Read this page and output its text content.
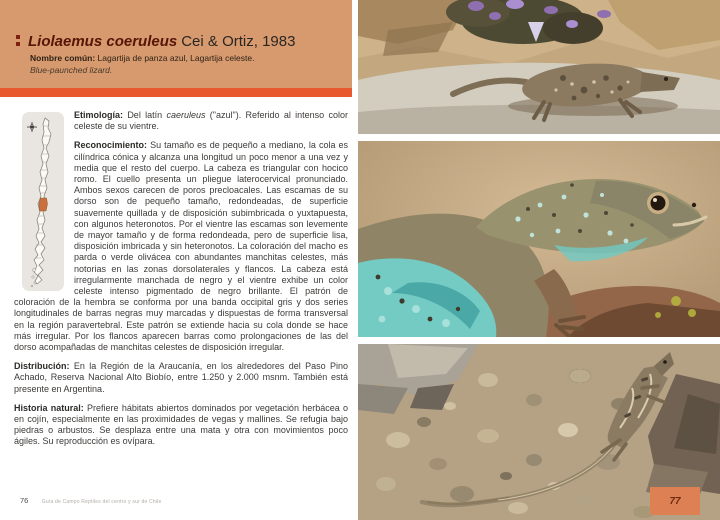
Liolaemus coeruleus Cei & Ortiz, 1983
Nombre común: Lagartija de panza azul, Lagartija celeste.
Blue-paunched lizard.

Etimología: Del latín caeruleus ("azul"). Referido al intenso color celeste de su vientre.

Reconocimiento: Su tamaño es de pequeño a mediano, la cola es cilíndrica cónica y alcanza una longitud un poco menor a una vez y media que el resto del cuerpo. La cabeza es triangular con hocico romo. El cuello presenta un pliegue laterocervical pronunciado. Ambos sexos carecen de poros precloacales. Las escamas de su dorso son de pequeño tamaño, redondeadas, de superficie suavemente quillada y de disposición subimbricada o yuxtapuesta, con algunos heteronotos. Por el vientre las escamas son levemente de mayor tamaño y de forma redondeada, pero de superficie lisa, disposición imbricada y sin heteronotos. La coloración del macho es parda o verde olivácea con abundantes manchitas celestes, más notorias en las zonas dorsolaterales y flancos. La cabeza está irregularmente manchada de negro y el vientre exhibe un color celeste intenso pigmentado de negro brillante. El patrón de coloración de la hembra se conforma por una banda occipital gris y dos series longitudinales de barras negras muy marcadas y dispuestas de forma transversal en la región paravertebral. Este patrón se extiende hacia su cola donde se hace más irregular. Por los flancos aparecen barras como prolongaciones de las del dorso acompañadas de manchitas celestes de disposición irregular.

Distribución: En la Región de la Araucanía, en los alrededores del Paso Pino Achado, Reserva Nacional Alto Biobío, entre 1.250 y 2.000 msnm. También está presente en Argentina.

Historia natural: Prefiere hábitats abiertos dominados por vegetación herbácea o en cojín, especialmente en las proximidades de vegas y mallines. Se refugia bajo piedras o arbustos. Se desplaza entre una mata y otra con movimientos poco ágiles. Su reproducción es ovípara.

76	Guía de Campo Reptiles del centro y sur de Chile	77
